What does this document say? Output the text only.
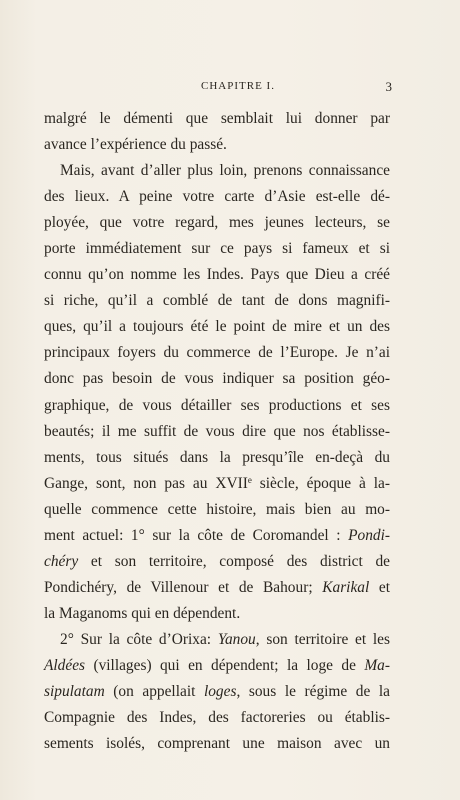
CHAPITRE I.	3
malgré le démenti que semblait lui donner par
avance l’expérience du passé.
Mais, avant d’aller plus loin, prenons connaissance
des lieux. A peine votre carte d’Asie est-elle dé-
ployée, que votre regard, mes jeunes lecteurs, se
porte immédiatement sur ce pays si fameux et si
connu qu’on nomme les Indes. Pays que Dieu a créé
si riche, qu’il a comblé de tant de dons magnifi-
ques, qu’il a toujours été le point de mire et un des
principaux foyers du commerce de l’Europe. Je n’ai
donc pas besoin de vous indiquer sa position géo-
graphique, de vous détailler ses productions et ses
beautés; il me suffit de vous dire que nos établisse-
ments, tous situés dans la presqu’île en-deçà du
Gange, sont, non pas au XVIIe siècle, époque à la-
quelle commence cette histoire, mais bien au mo-
ment actuel: 1° sur la côte de Coromandel : Pondi-
chéry et son territoire, composé des district de
Pondichéry, de Villenour et de Bahour; Karikal et
la Maganoms qui en dépendent.
2° Sur la côte d’Orixa: Yanou, son territoire et les
Aldées (villages) qui en dépendent; la loge de Ma-
sipulatam (on appellait loges, sous le régime de la
Compagnie des Indes, des factoreries ou établis-
sements isolés, comprenant une maison avec un
